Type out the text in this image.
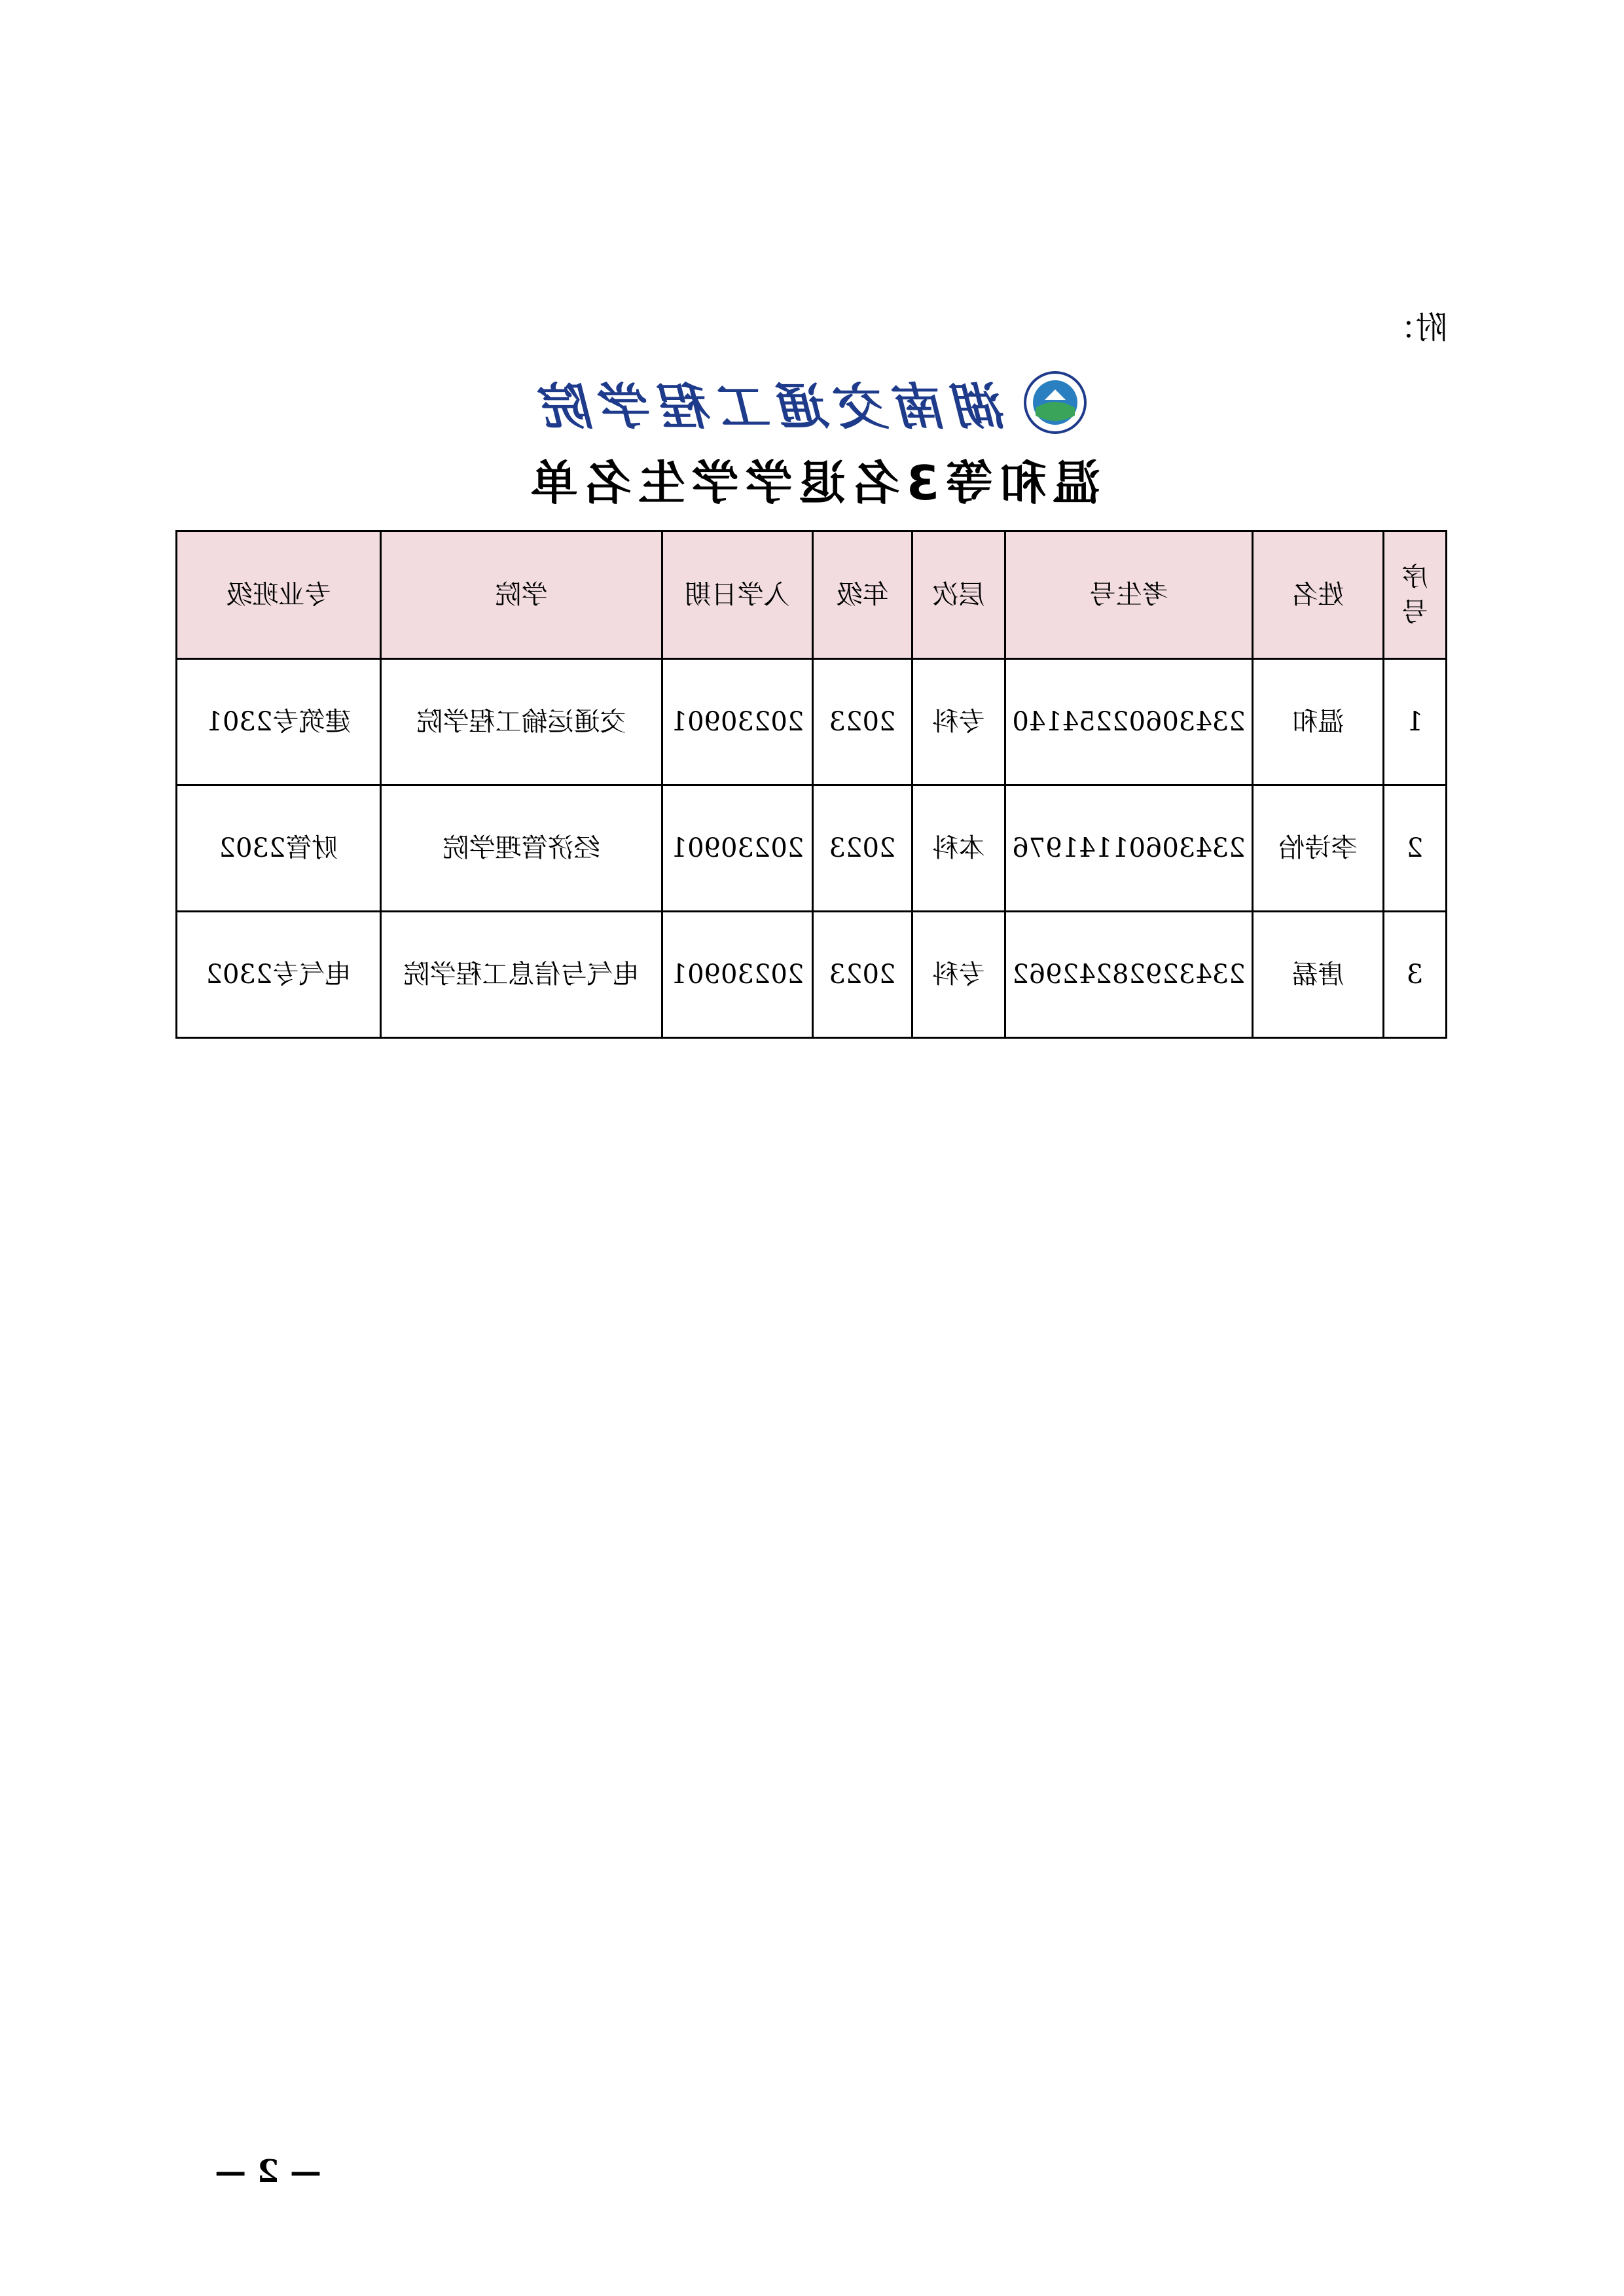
附：
湖南交通工程学院
温和等3名退学学生名单
序号	姓名	考生号	层次	年级	入学日期	学院	专业班级
1	温和	23430602254140	专科	2023	20230901	交通运输工程学院	建筑专2301
2	李诗怡	23430601141976	本科	2023	20230901	经济管理学院	财管2302
3	唐磊	23432928242962	专科	2023	20230901	电气与信息工程学院	电气专2302
— 2 —
